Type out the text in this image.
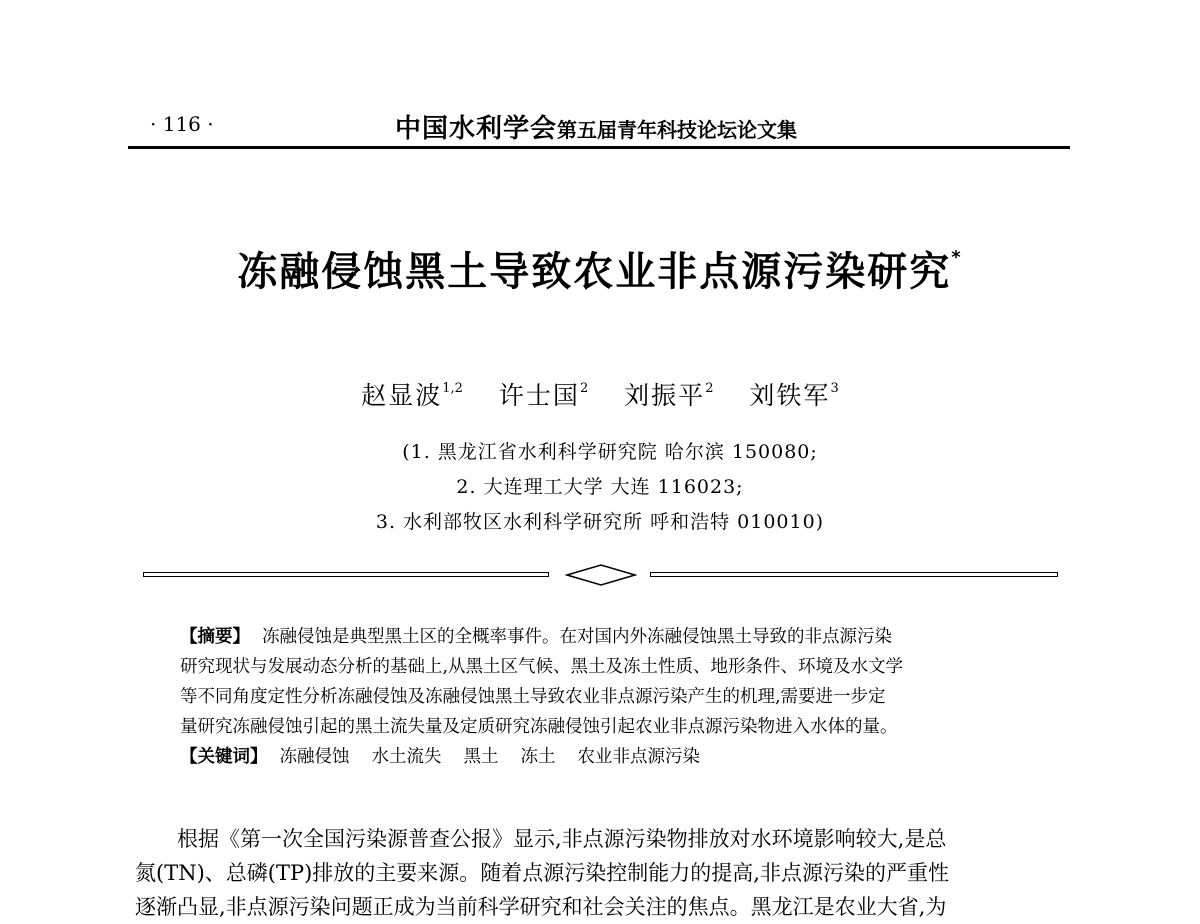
· 116 ·	中国水利学会第五届青年科技论坛论文集
冻融侵蚀黑土导致农业非点源污染研究*
赵显波$^{1,2}$ 许士国$^2$ 刘振平$^2$ 刘铁军$^3$
(1. 黑龙江省水利科学研究院 哈尔滨 150080;
2. 大连理工大学 大连 116023;
3. 水利部牧区水利科学研究所 呼和浩特 010010)
【摘要】 冻融侵蚀是典型黑土区的全概率事件。在对国内外冻融侵蚀黑土导致的非点源污染
研究现状与发展动态分析的基础上,从黑土区气候、黑土及冻土性质、地形条件、环境及水文学
等不同角度定性分析冻融侵蚀及冻融侵蚀黑土导致农业非点源污染产生的机理,需要进一步定
量研究冻融侵蚀引起的黑土流失量及定质研究冻融侵蚀引起农业非点源污染物进入水体的量。
【关键词】 冻融侵蚀 水土流失 黑土 冻土 农业非点源污染
根据《第一次全国污染源普查公报》显示,非点源污染物排放对水环境影响较大,是总
氮(TN)、总磷(TP)排放的主要来源。随着点源污染控制能力的提高,非点源污染的严重性
逐渐凸显,非点源污染问题正成为当前科学研究和社会关注的焦点。黑龙江是农业大省,为
